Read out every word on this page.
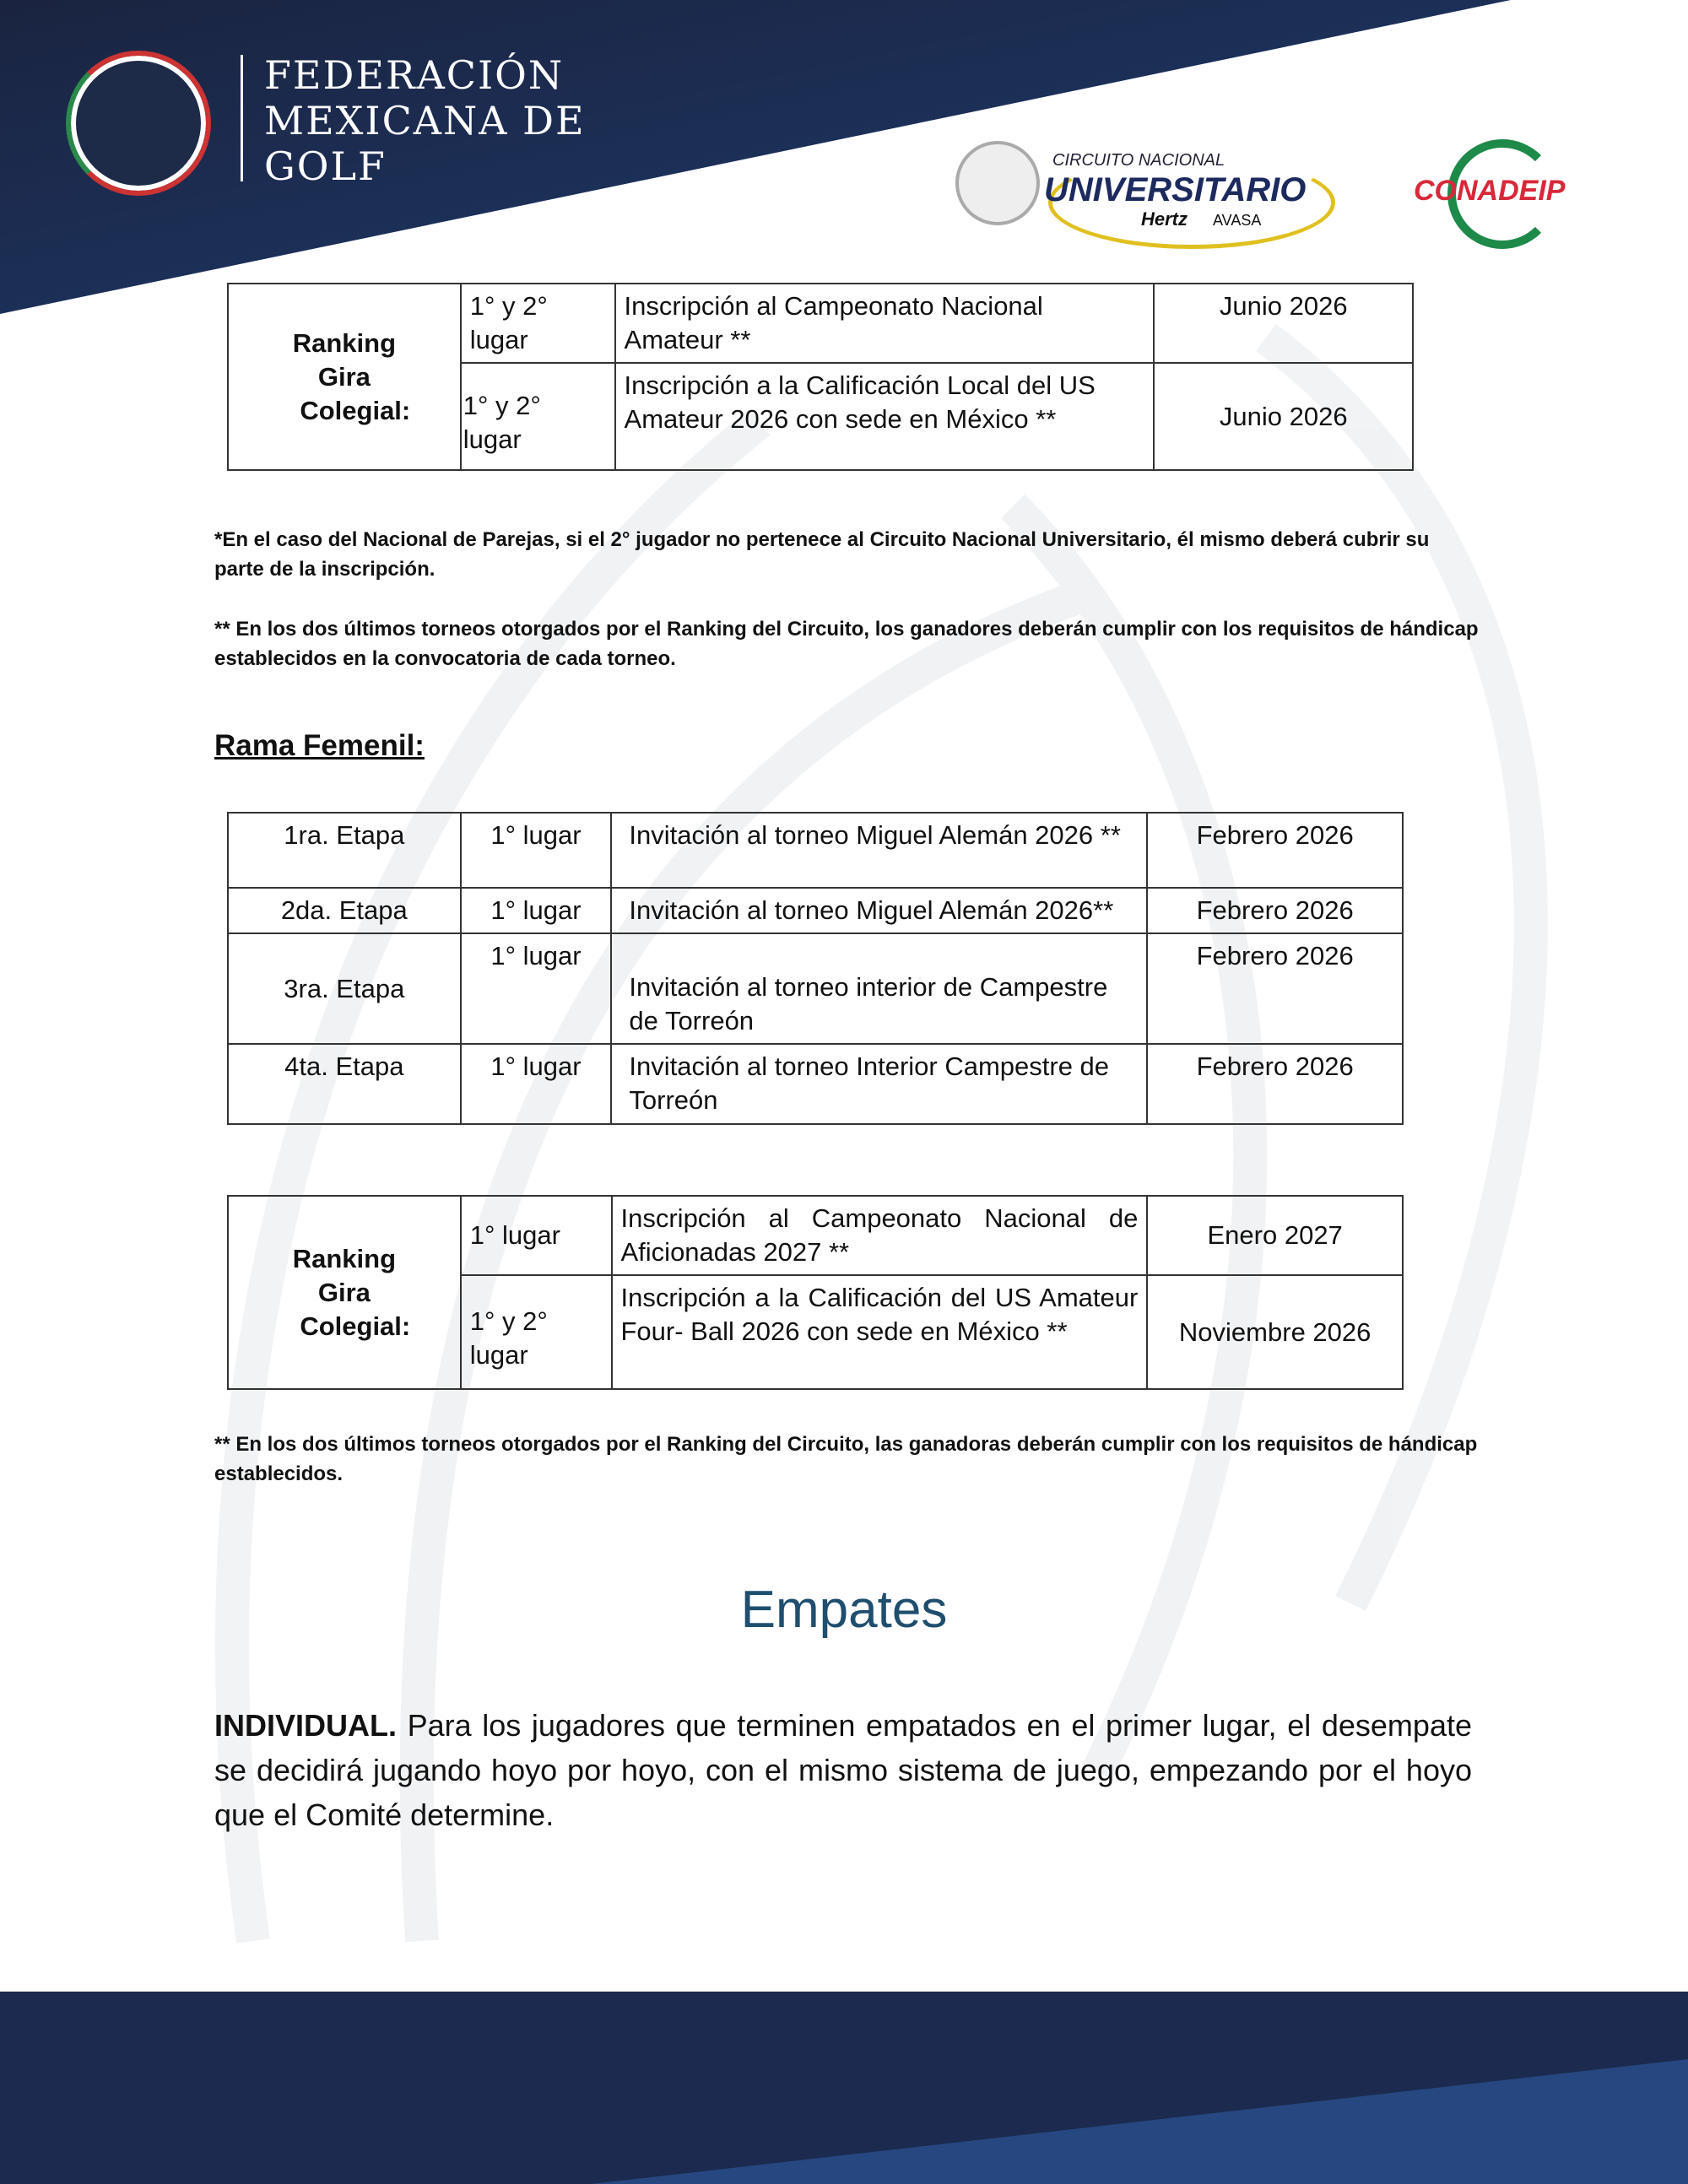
FEDERACIÓN
MEXICANA DE
GOLF	CIRCUITO NACIONAL
UNIVERSITARIO
Hertz AVASA
CONADEIP
Ranking
Gira
Colegial:	1° y 2° lugar	Inscripción al Campeonato Nacional Amateur **	Junio 2026
	1° y 2° lugar	Inscripción a la Calificación Local del US Amateur 2026 con sede en México **	Junio 2026
*En el caso del Nacional de Parejas, si el 2° jugador no pertenece al Circuito Nacional Universitario, él mismo deberá cubrir su parte de la inscripción.
** En los dos últimos torneos otorgados por el Ranking del Circuito, los ganadores deberán cumplir con los requisitos de hándicap establecidos en la convocatoria de cada torneo.
Rama Femenil:
1ra. Etapa	1° lugar	Invitación al torneo Miguel Alemán 2026 **	Febrero 2026
2da. Etapa	1° lugar	Invitación al torneo Miguel Alemán 2026**	Febrero 2026
3ra. Etapa	1° lugar	Invitación al torneo interior de Campestre de Torreón	Febrero 2026
4ta. Etapa	1° lugar	Invitación al torneo Interior Campestre de Torreón	Febrero 2026
Ranking
Gira
Colegial:	1° lugar	Inscripción al Campeonato Nacional de Aficionadas 2027 **	Enero 2027
	1° y 2° lugar	Inscripción a la Calificación del US Amateur Four- Ball 2026 con sede en México **	Noviembre 2026
** En los dos últimos torneos otorgados por el Ranking del Circuito, las ganadoras deberán cumplir con los requisitos de hándicap establecidos.
Empates
INDIVIDUAL. Para los jugadores que terminen empatados en el primer lugar, el desempate se decidirá jugando hoyo por hoyo, con el mismo sistema de juego, empezando por el hoyo que el Comité determine.
